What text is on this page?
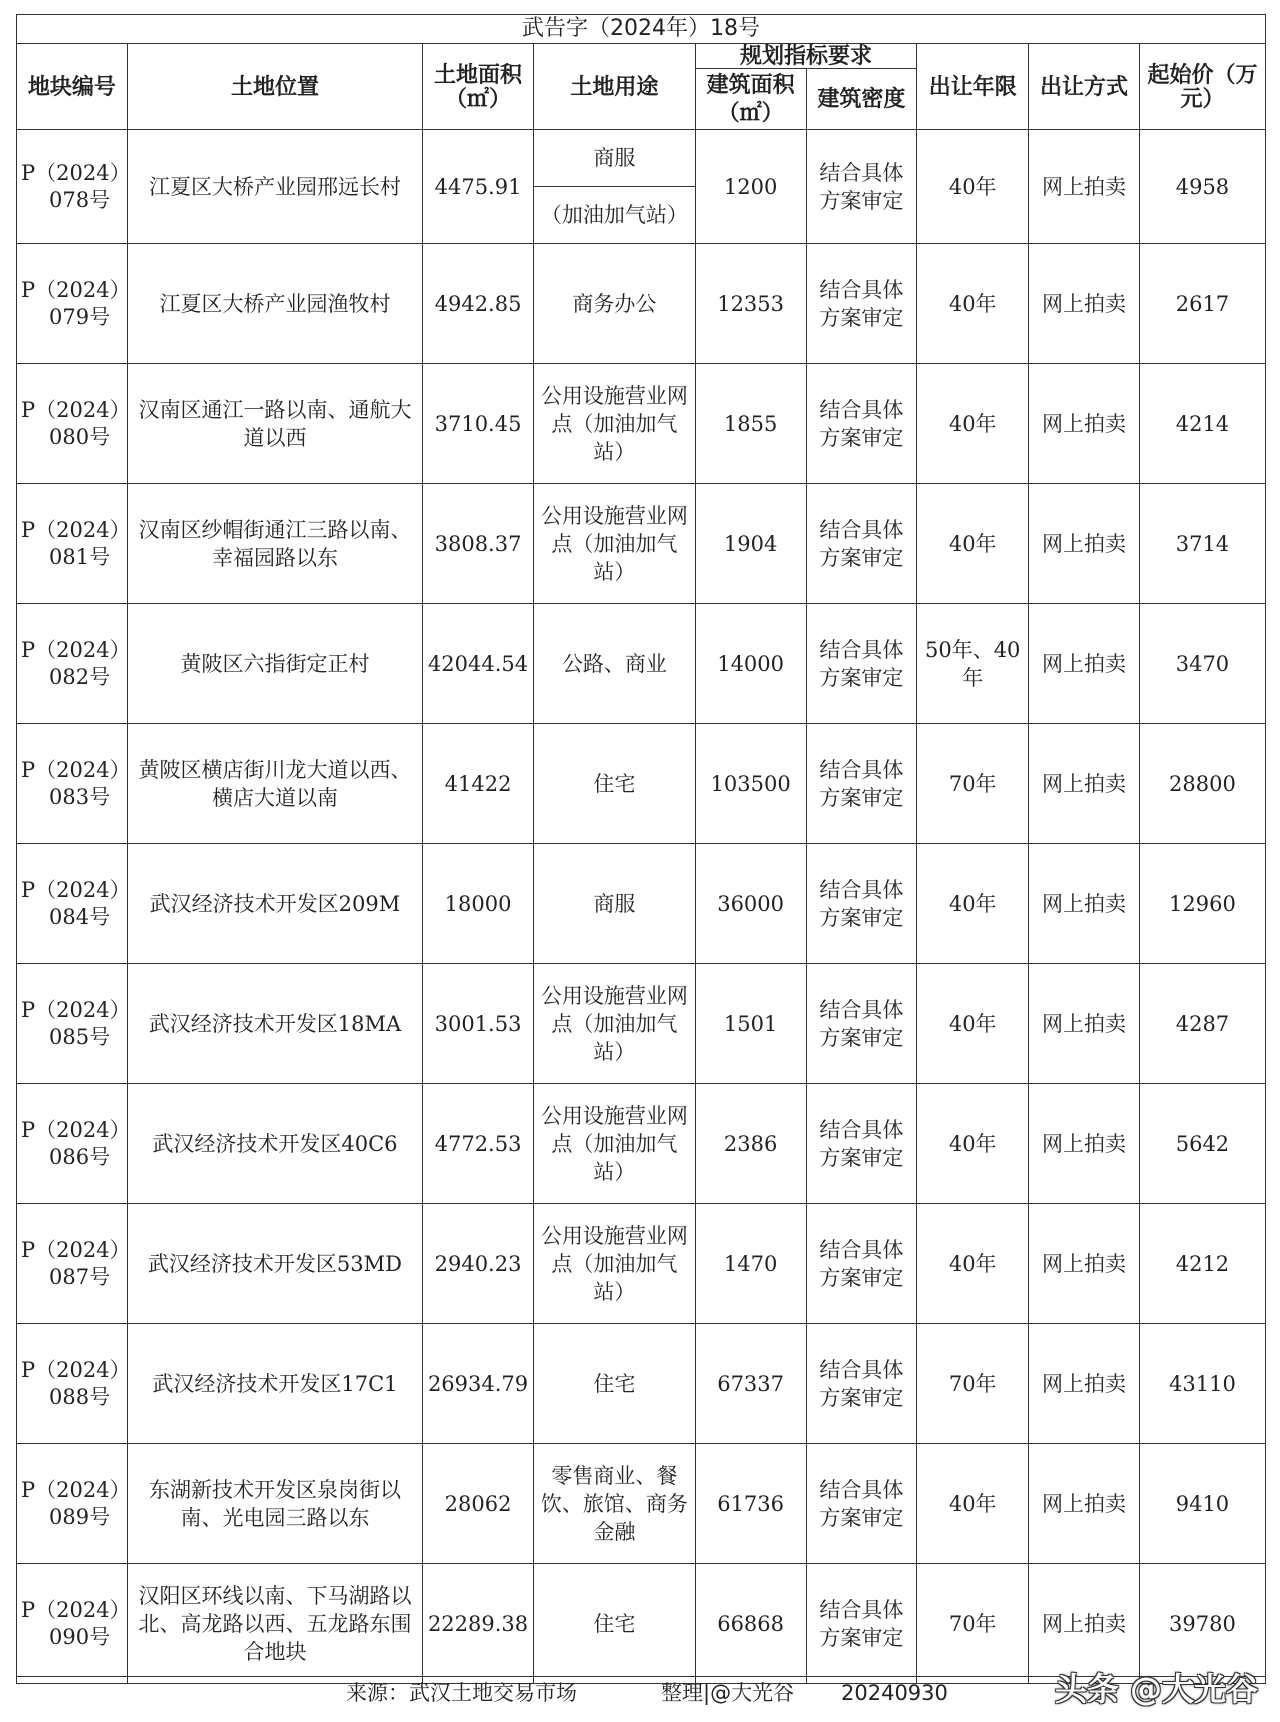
武告字（2024年）18号								
地块编号	土地位置	土地面积（㎡）	土地用途	规划指标要求		出让年限	出让方式	起始价（万元）
				建筑面积（㎡）	建筑密度			

P（2024）
078号	江夏区大桥产业园邢远长村	4475.91	商服	1200	结合具体方案审定	40年	网上拍卖	4958
			（加油加气站）					

P（2024）
079号	江夏区大桥产业园渔牧村	4942.85	商务办公	12353	结合具体方案审定	40年	网上拍卖	2617

P（2024）
080号	汉南区通江一路以南、通航大道以西	3710.45	公用设施营业网点（加油加气站）	1855	结合具体方案审定	40年	网上拍卖	4214

P（2024）
081号	汉南区纱帽街通江三路以南、幸福园路以东	3808.37	公用设施营业网点（加油加气站）	1904	结合具体方案审定	40年	网上拍卖	3714

P（2024）
082号	黄陂区六指街定正村	42044.54	公路、商业	14000	结合具体方案审定	50年、40年	网上拍卖	3470

P（2024）
083号	黄陂区横店街川龙大道以西、横店大道以南	41422	住宅	103500	结合具体方案审定	70年	网上拍卖	28800

P（2024）
084号	武汉经济技术开发区209M	18000	商服	36000	结合具体方案审定	40年	网上拍卖	12960

P（2024）
085号	武汉经济技术开发区18MA	3001.53	公用设施营业网点（加油加气站）	1501	结合具体方案审定	40年	网上拍卖	4287

P（2024）
086号	武汉经济技术开发区40C6	4772.53	公用设施营业网点（加油加气站）	2386	结合具体方案审定	40年	网上拍卖	5642

P（2024）
087号	武汉经济技术开发区53MD	2940.23	公用设施营业网点（加油加气站）	1470	结合具体方案审定	40年	网上拍卖	4212

P（2024）
088号	武汉经济技术开发区17C1	26934.79	住宅	67337	结合具体方案审定	70年	网上拍卖	43110

P（2024）
089号	东湖新技术开发区泉岗街以南、光电园三路以东	28062	零售商业、餐饮、旅馆、商务金融	61736	结合具体方案审定	40年	网上拍卖	9410

P（2024）
090号	汉阳区环线以南、下马湖路以北、高龙路以西、五龙路东围合地块	22289.38	住宅	66868	结合具体方案审定	70年	网上拍卖	39780
来源：武汉土地交易市场	整理|@大光谷 20240930	头条 @大光谷
